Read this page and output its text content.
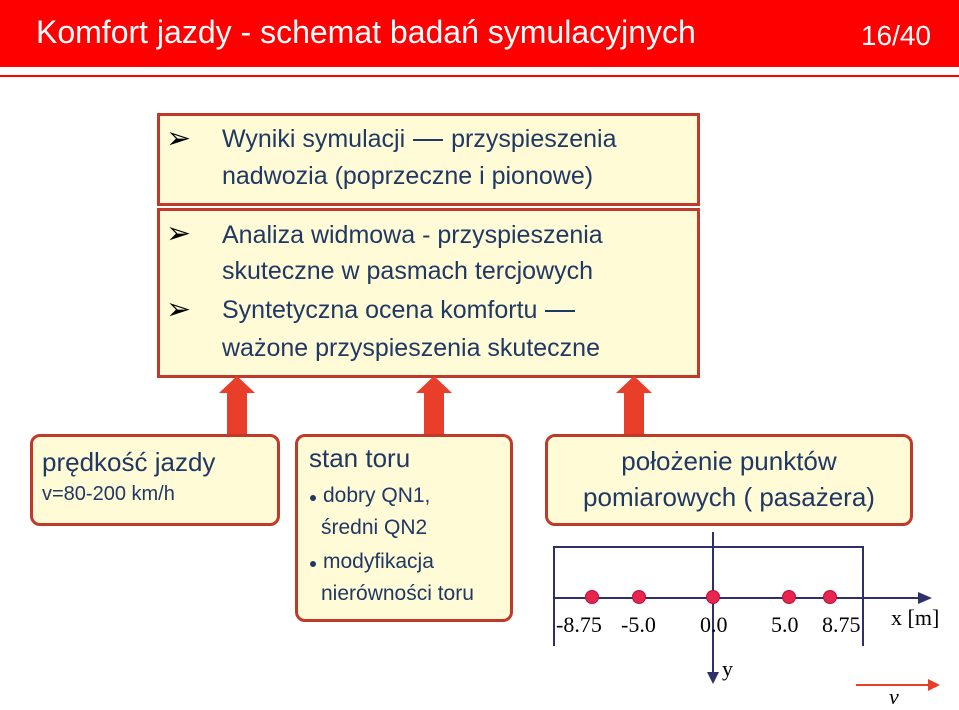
Komfort jazdy - schemat badań symulacyjnych	16/40
➢ Wyniki symulacji przyspieszenia
nadwozia (poprzeczne i pionowe)
➢ Analiza widmowa - przyspieszenia
skuteczne w pasmach tercjowych
➢ Syntetyczna ocena komfortu
ważone przyspieszenia skuteczne
prędkość jazdy
v=80-200 km/h
stan toru
dobry QN1,
średni QN2
modyfikacja
nierówności toru
położenie punktów
pomiarowych ( pasażera)
-8.75 -5.0 0.0 5.0 8.75 x [m]
y
v
